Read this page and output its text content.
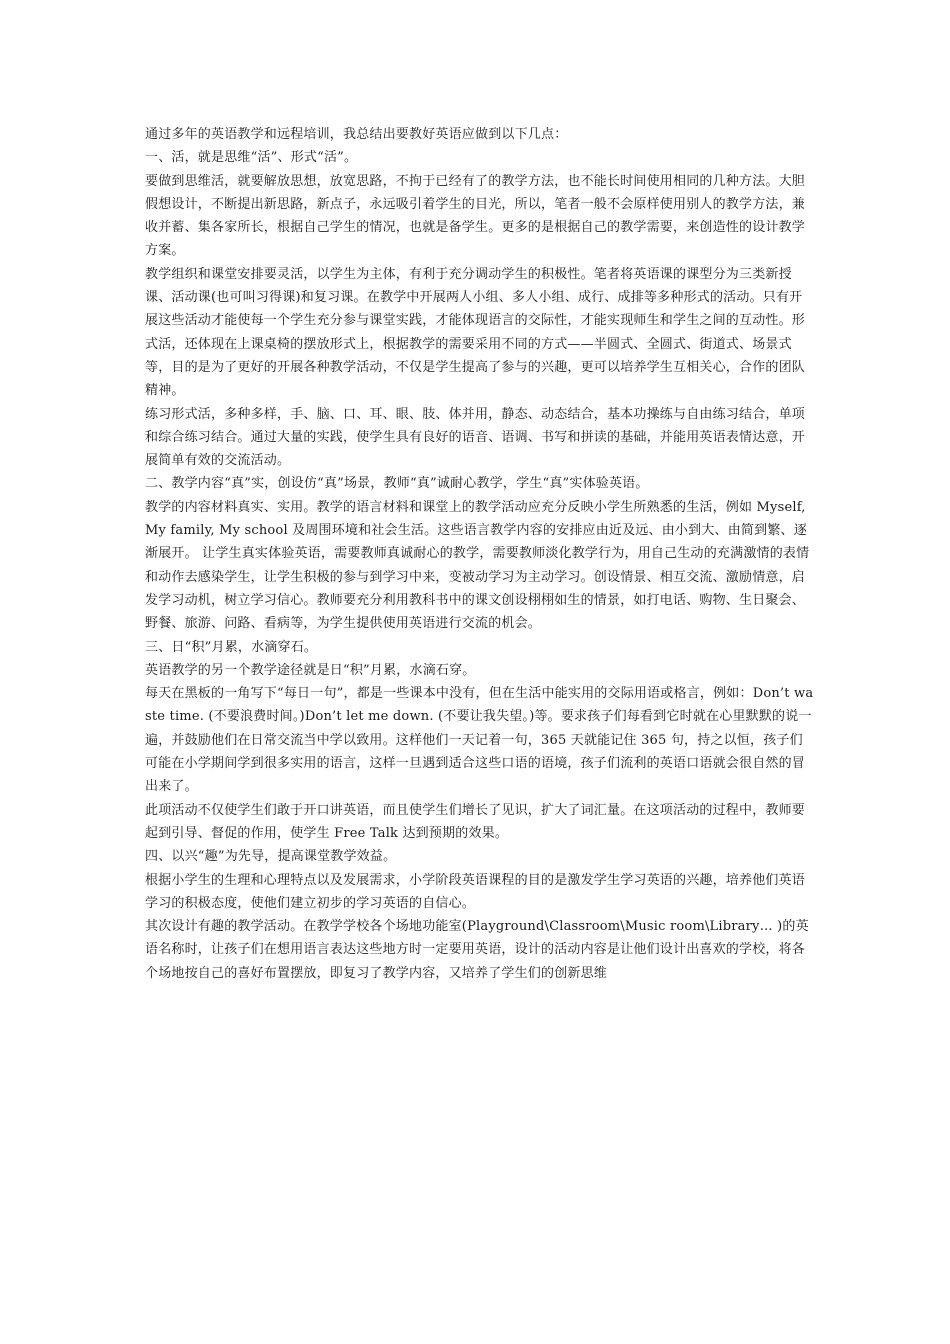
通过多年的英语教学和远程培训，我总结出要教好英语应做到以下几点：

一、活，就是思维“活”、形式“活”。

要做到思维活，就要解放思想，放宽思路，不拘于已经有了的教学方法，也不能长时间使用相同的几种方法。大胆假想设计，不断提出新思路，新点子，永远吸引着学生的目光，所以，笔者一般不会原样使用别人的教学方法，兼收并蓄、集各家所长，根据自己学生的情况，也就是备学生。更多的是根据自己的教学需要，来创造性的设计教学方案。

教学组织和课堂安排要灵活，以学生为主体，有利于充分调动学生的积极性。笔者将英语课的课型分为三类新授课、活动课(也可叫习得课)和复习课。在教学中开展两人小组、多人小组、成行、成排等多种形式的活动。只有开展这些活动才能使每一个学生充分参与课堂实践，才能体现语言的交际性，才能实现师生和学生之间的互动性。形式活，还体现在上课桌椅的摆放形式上，根据教学的需要采用不同的方式——半圆式、全圆式、街道式、场景式等，目的是为了更好的开展各种教学活动，不仅是学生提高了参与的兴趣，更可以培养学生互相关心，合作的团队精神。

练习形式活，多种多样，手、脑、口、耳、眼、肢、体并用，静态、动态结合，基本功操练与自由练习结合，单项和综合练习结合。通过大量的实践，使学生具有良好的语音、语调、书写和拼读的基础，并能用英语表情达意，开展简单有效的交流活动。

二、教学内容“真”实，创设仿“真”场景，教师“真”诚耐心教学，学生“真”实体验英语。

教学的内容材料真实、实用。教学的语言材料和课堂上的教学活动应充分反映小学生所熟悉的生活，例如 Myself, My family, My school 及周围环境和社会生活。这些语言教学内容的安排应由近及远、由小到大、由简到繁、逐渐展开。 让学生真实体验英语，需要教师真诚耐心的教学，需要教师淡化教学行为，用自己生动的充满激情的表情和动作去感染学生，让学生积极的参与到学习中来，变被动学习为主动学习。创设情景、相互交流、激励情意，启发学习动机，树立学习信心。教师要充分利用教科书中的课文创设栩栩如生的情景，如打电话、购物、生日聚会、野餐、旅游、问路、看病等，为学生提供使用英语进行交流的机会。

三、日“积”月累，水滴穿石。

英语教学的另一个教学途径就是日“积”月累，水滴石穿。

每天在黑板的一角写下“每日一句”，都是一些课本中没有，但在生活中能实用的交际用语或格言，例如：Don’t waste time. (不要浪费时间。)Don’t let me down. (不要让我失望。)等。要求孩子们每看到它时就在心里默默的说一遍，并鼓励他们在日常交流当中学以致用。这样他们一天记着一句，365 天就能记住 365 句，持之以恒，孩子们可能在小学期间学到很多实用的语言，这样一旦遇到适合这些口语的语境，孩子们流利的英语口语就会很自然的冒出来了。

此项活动不仅使学生们敢于开口讲英语，而且使学生们增长了见识，扩大了词汇量。在这项活动的过程中，教师要起到引导、督促的作用，使学生 Free Talk 达到预期的效果。

四、以兴“趣”为先导，提高课堂教学效益。

根据小学生的生理和心理特点以及发展需求，小学阶段英语课程的目的是激发学生学习英语的兴趣，培养他们英语学习的积极态度，使他们建立初步的学习英语的自信心。

其次设计有趣的教学活动。在教学学校各个场地功能室(Playground\Classroom\Music room\Library… )的英语名称时，让孩子们在想用语言表达这些地方时一定要用英语，设计的活动内容是让他们设计出喜欢的学校，将各个场地按自己的喜好布置摆放，即复习了教学内容，又培养了学生们的创新思维
